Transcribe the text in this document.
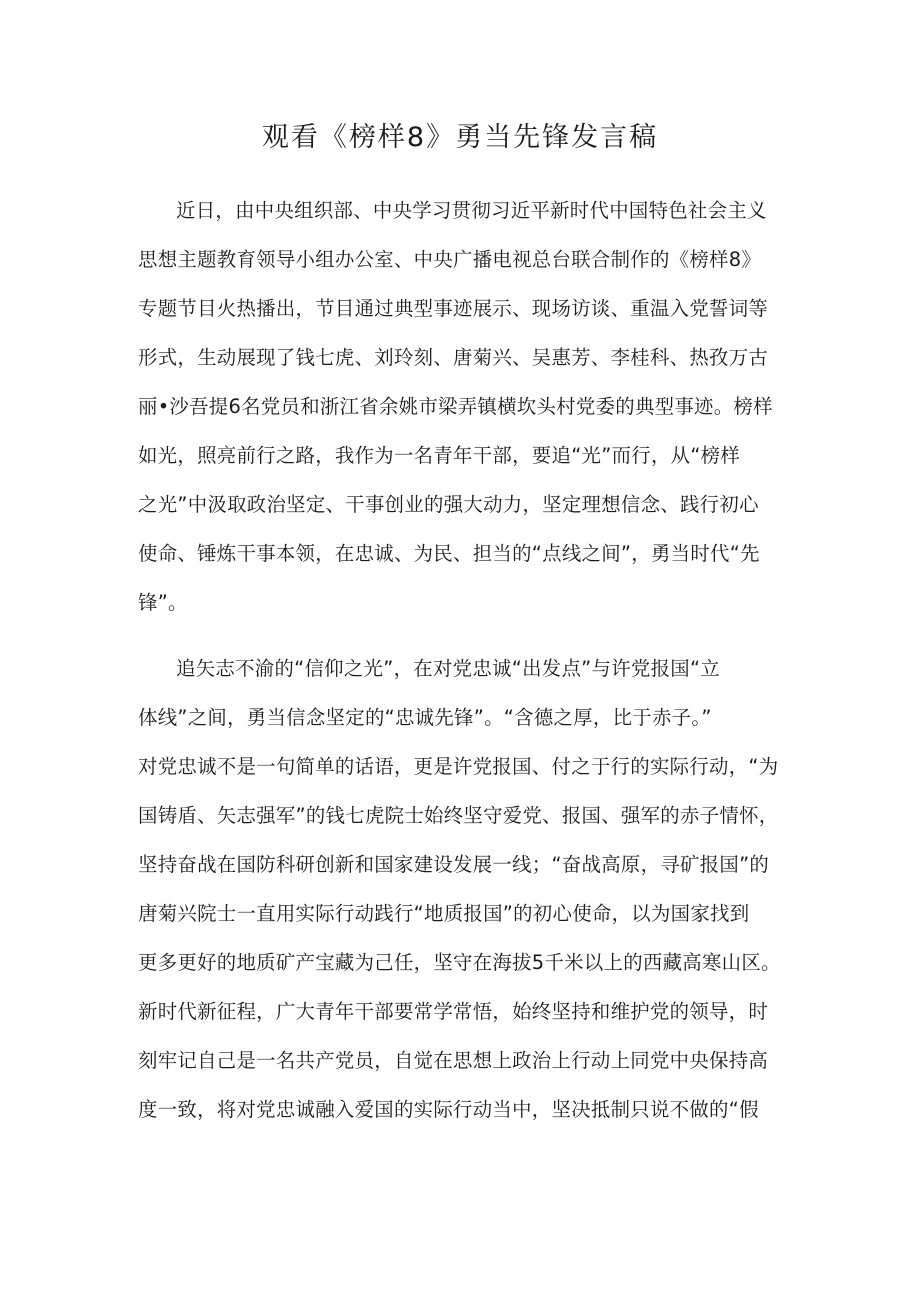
观看《榜样8》勇当先锋发言稿
近日，由中央组织部、中央学习贯彻习近平新时代中国特色社会主义
思想主题教育领导小组办公室、中央广播电视总台联合制作的《榜样8》
专题节目火热播出，节目通过典型事迹展示、现场访谈、重温入党誓词等
形式，生动展现了钱七虎、刘玲刻、唐菊兴、吴惠芳、李桂科、热孜万古
丽•沙吾提6名党员和浙江省余姚市梁弄镇横坎头村党委的典型事迹。榜样
如光，照亮前行之路，我作为一名青年干部，要追“光”而行，从“榜样
之光”中汲取政治坚定、干事创业的强大动力，坚定理想信念、践行初心
使命、锤炼干事本领，在忠诚、为民、担当的“点线之间”，勇当时代“先
锋”。
追矢志不渝的“信仰之光”，在对党忠诚“出发点”与许党报国“立
体线”之间，勇当信念坚定的“忠诚先锋”。“含德之厚，比于赤子。”
对党忠诚不是一句简单的话语，更是许党报国、付之于行的实际行动，“为
国铸盾、矢志强军”的钱七虎院士始终坚守爱党、报国、强军的赤子情怀，
坚持奋战在国防科研创新和国家建设发展一线；“奋战高原，寻矿报国”的
唐菊兴院士一直用实际行动践行“地质报国”的初心使命，以为国家找到
更多更好的地质矿产宝藏为己任，坚守在海拔5千米以上的西藏高寒山区。
新时代新征程，广大青年干部要常学常悟，始终坚持和维护党的领导，时
刻牢记自己是一名共产党员，自觉在思想上政治上行动上同党中央保持高
度一致，将对党忠诚融入爱国的实际行动当中，坚决抵制只说不做的“假
